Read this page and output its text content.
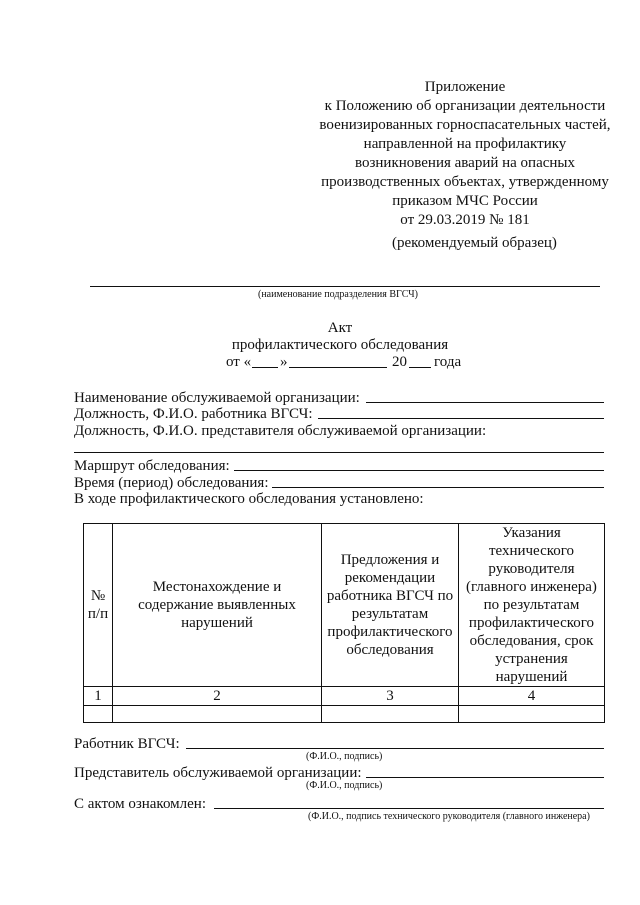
Приложение
к Положению об организации деятельности
военизированных горноспасательных частей,
направленной на профилактику
возникновения аварий на опасных
производственных объектах, утвержденному
приказом МЧС России
от 29.03.2019 № 181
(рекомендуемый образец)
(наименование подразделения ВГСЧ)
Акт
профилактического обследования
от « »	20 года
Наименование обслуживаемой организации:
Должность, Ф.И.О. работника ВГСЧ:
Должность, Ф.И.О. представителя обслуживаемой организации:
Маршрут обследования:
Время (период) обследования:
В ходе профилактического обследования установлено:
№ п/п	Местонахождение и содержание выявленных нарушений	Предложения и рекомендации работника ВГСЧ по результатам профилактического обследования	Указания технического руководителя (главного инженера) по результатам профилактического обследования, срок устранения нарушений
1	2	3	4

Работник ВГСЧ:
(Ф.И.О., подпись)
Представитель обслуживаемой организации:
(Ф.И.О., подпись)
С актом ознакомлен:
(Ф.И.О., подпись технического руководителя (главного инженера)
